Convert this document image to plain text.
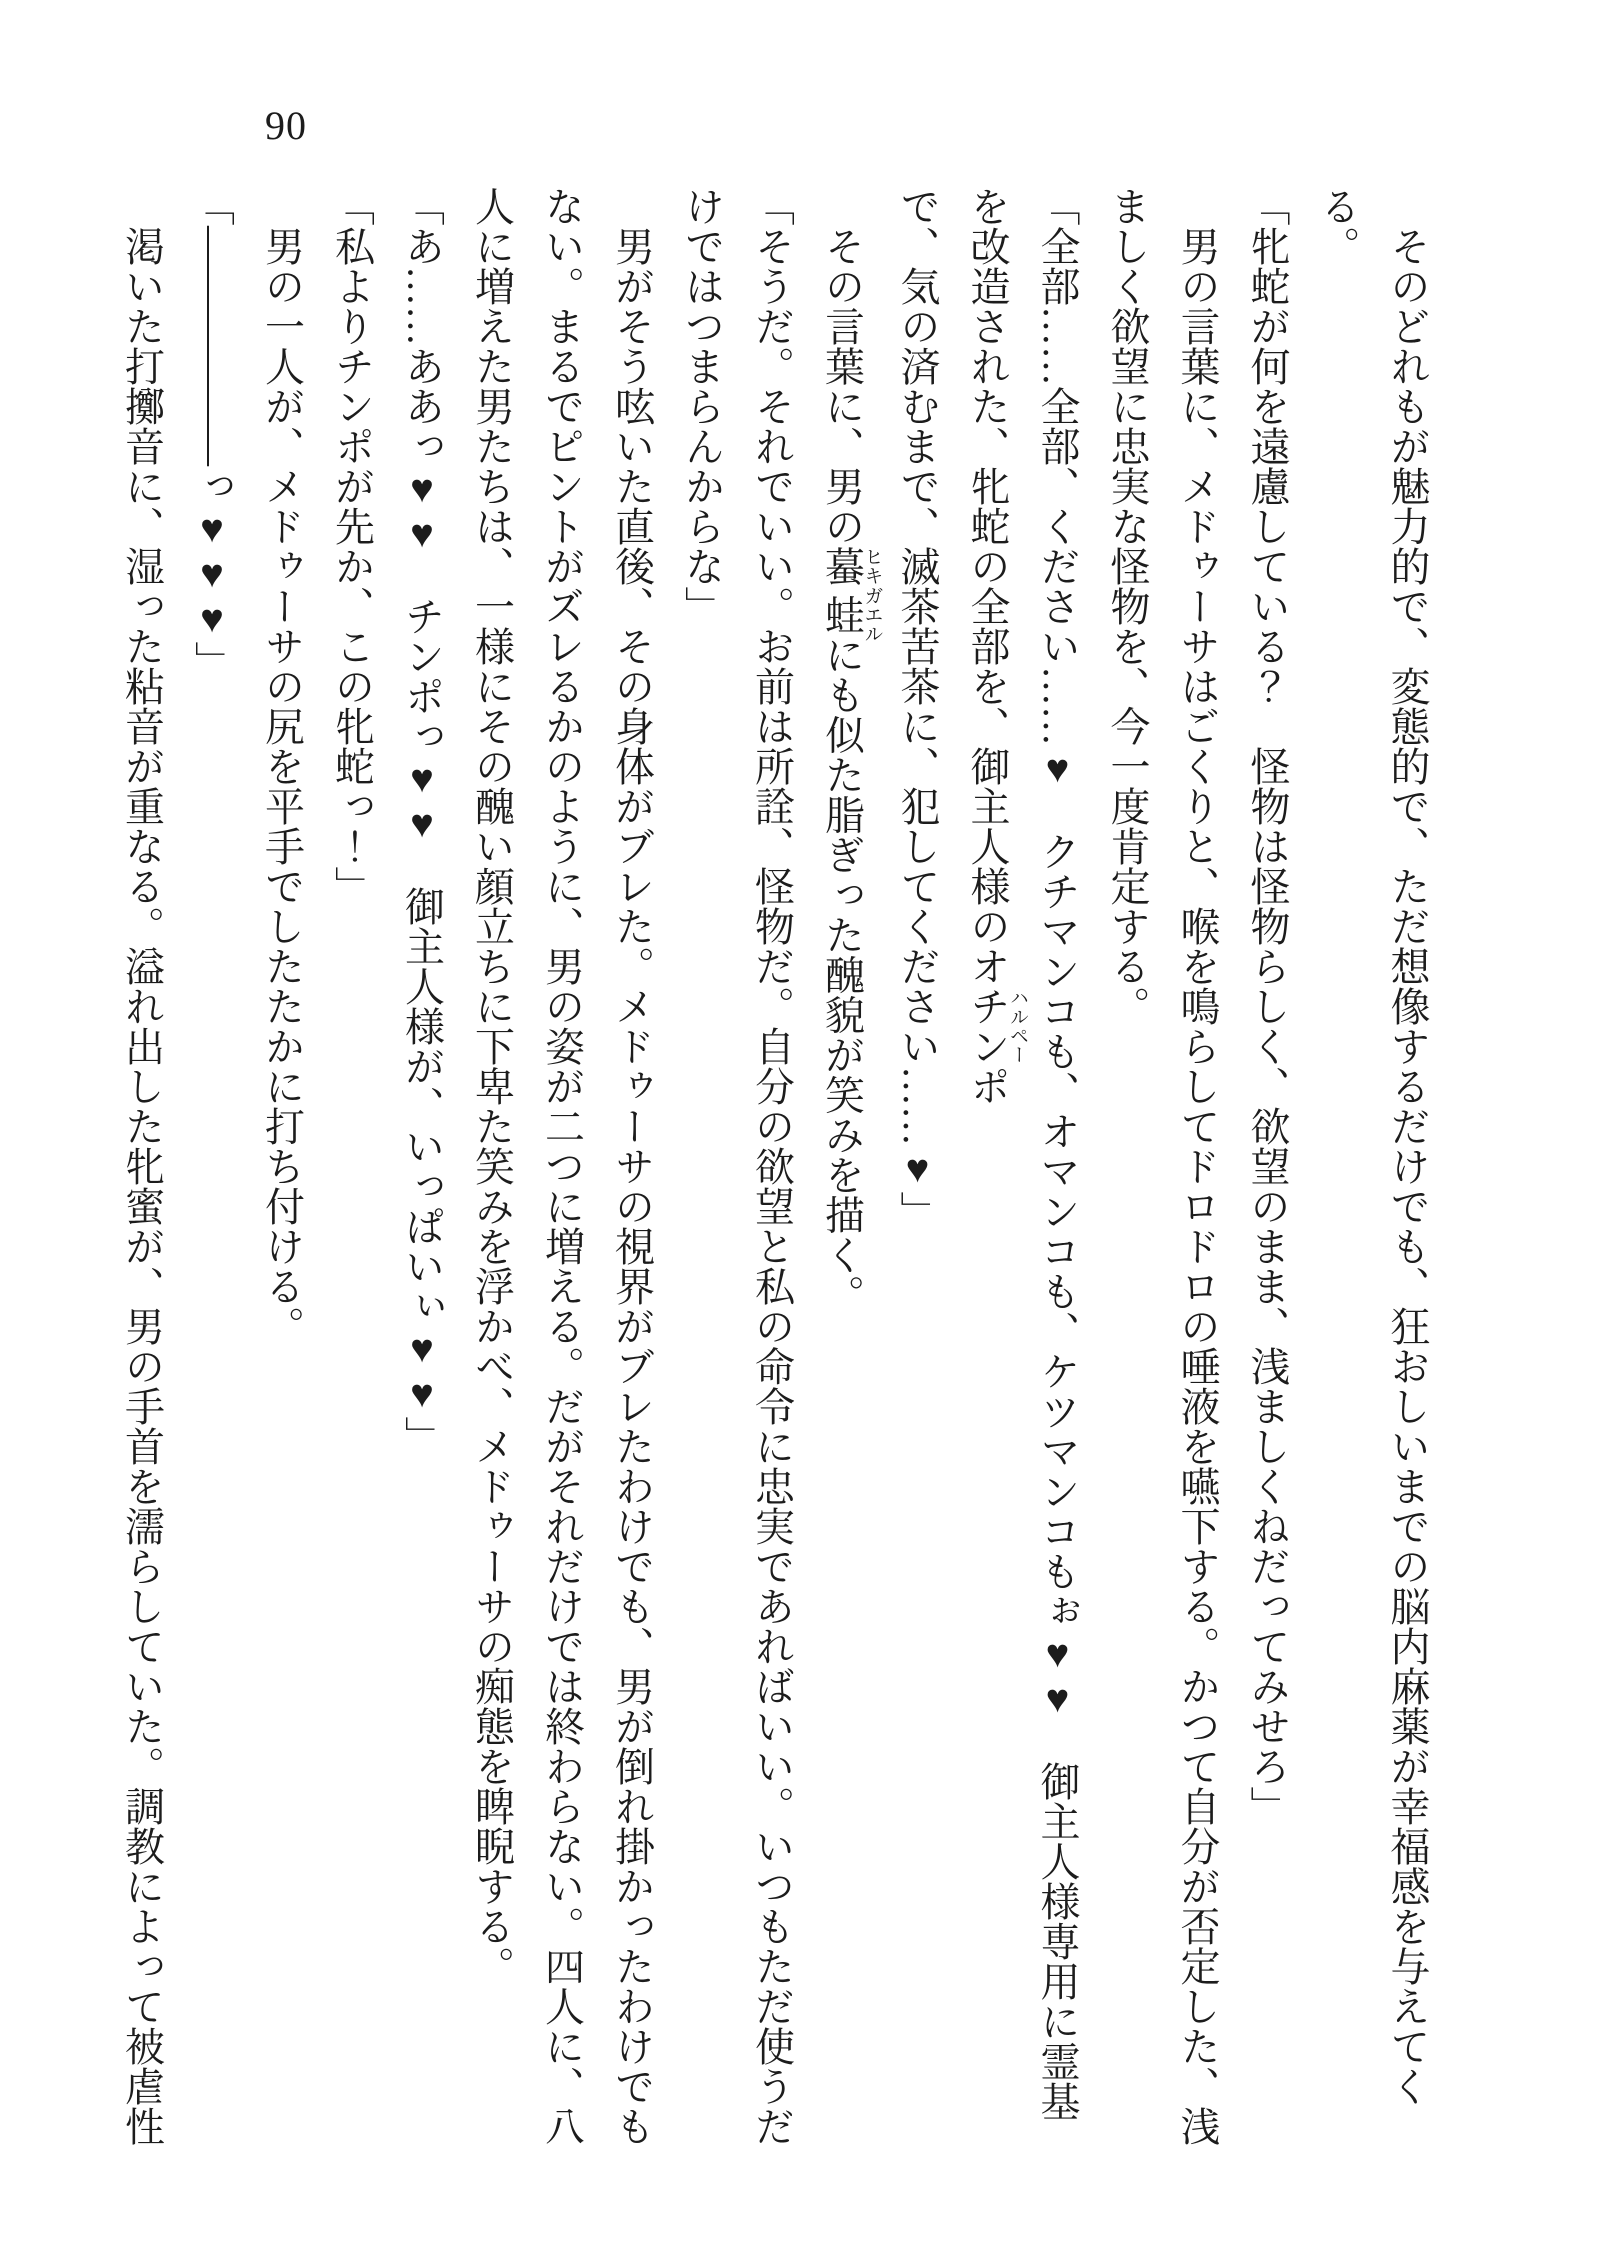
90

　そのどれもが魅力的で、変態的で、ただ想像するだけでも、狂おしいまでの脳内麻薬が幸福感を与えてくる。

「牝蛇が何を遠慮している？　怪物は怪物らしく、欲望のまま、浅ましくねだってみせろ」

　男の言葉に、メドゥーサはごくりと、喉を鳴らしてドロドロの唾液を嚥下する。かつて自分が否定した、浅ましく欲望に忠実な怪物を、今一度肯定する。

「全部……全部、ください……♥　クチマンコも、オマンコも、ケツマンコもぉ♥♥　御主人様専用に霊基を改造された、牝蛇の全部を、御主人様のオチンポハルペーで、気の済むまで、滅茶苦茶に、犯してください……♥」

　その言葉に、男の蟇ヒキ蛙ガエルにも似た脂ぎった醜貌が笑みを描く。

「そうだ。それでいい。お前は所詮、怪物だ。自分の欲望と私の命令に忠実であればいい。いつもただ使うだけではつまらんからな」

　男がそう呟いた直後、その身体がブレた。メドゥーサの視界がブレたわけでも、男が倒れ掛かったわけでもない。まるでピントがズレるかのように、男の姿が二つに増える。だがそれだけでは終わらない。四人に、八人に増えた男たちは、一様にその醜い顔立ちに下卑た笑みを浮かべ、メドゥーサの痴態を睥睨する。

「あ……ああっ♥♥　チンポっ♥♥　御主人様が、いっぱいぃ♥♥」

「私よりチンポが先か、この牝蛇っ！」

　男の一人が、メドゥーサの尻を平手でしたたかに打ち付ける。

「――――――っ♥♥♥」

　渇いた打擲音に、湿った粘音が重なる。溢れ出した牝蜜が、男の手首を濡らしていた。調教によって被虐性
